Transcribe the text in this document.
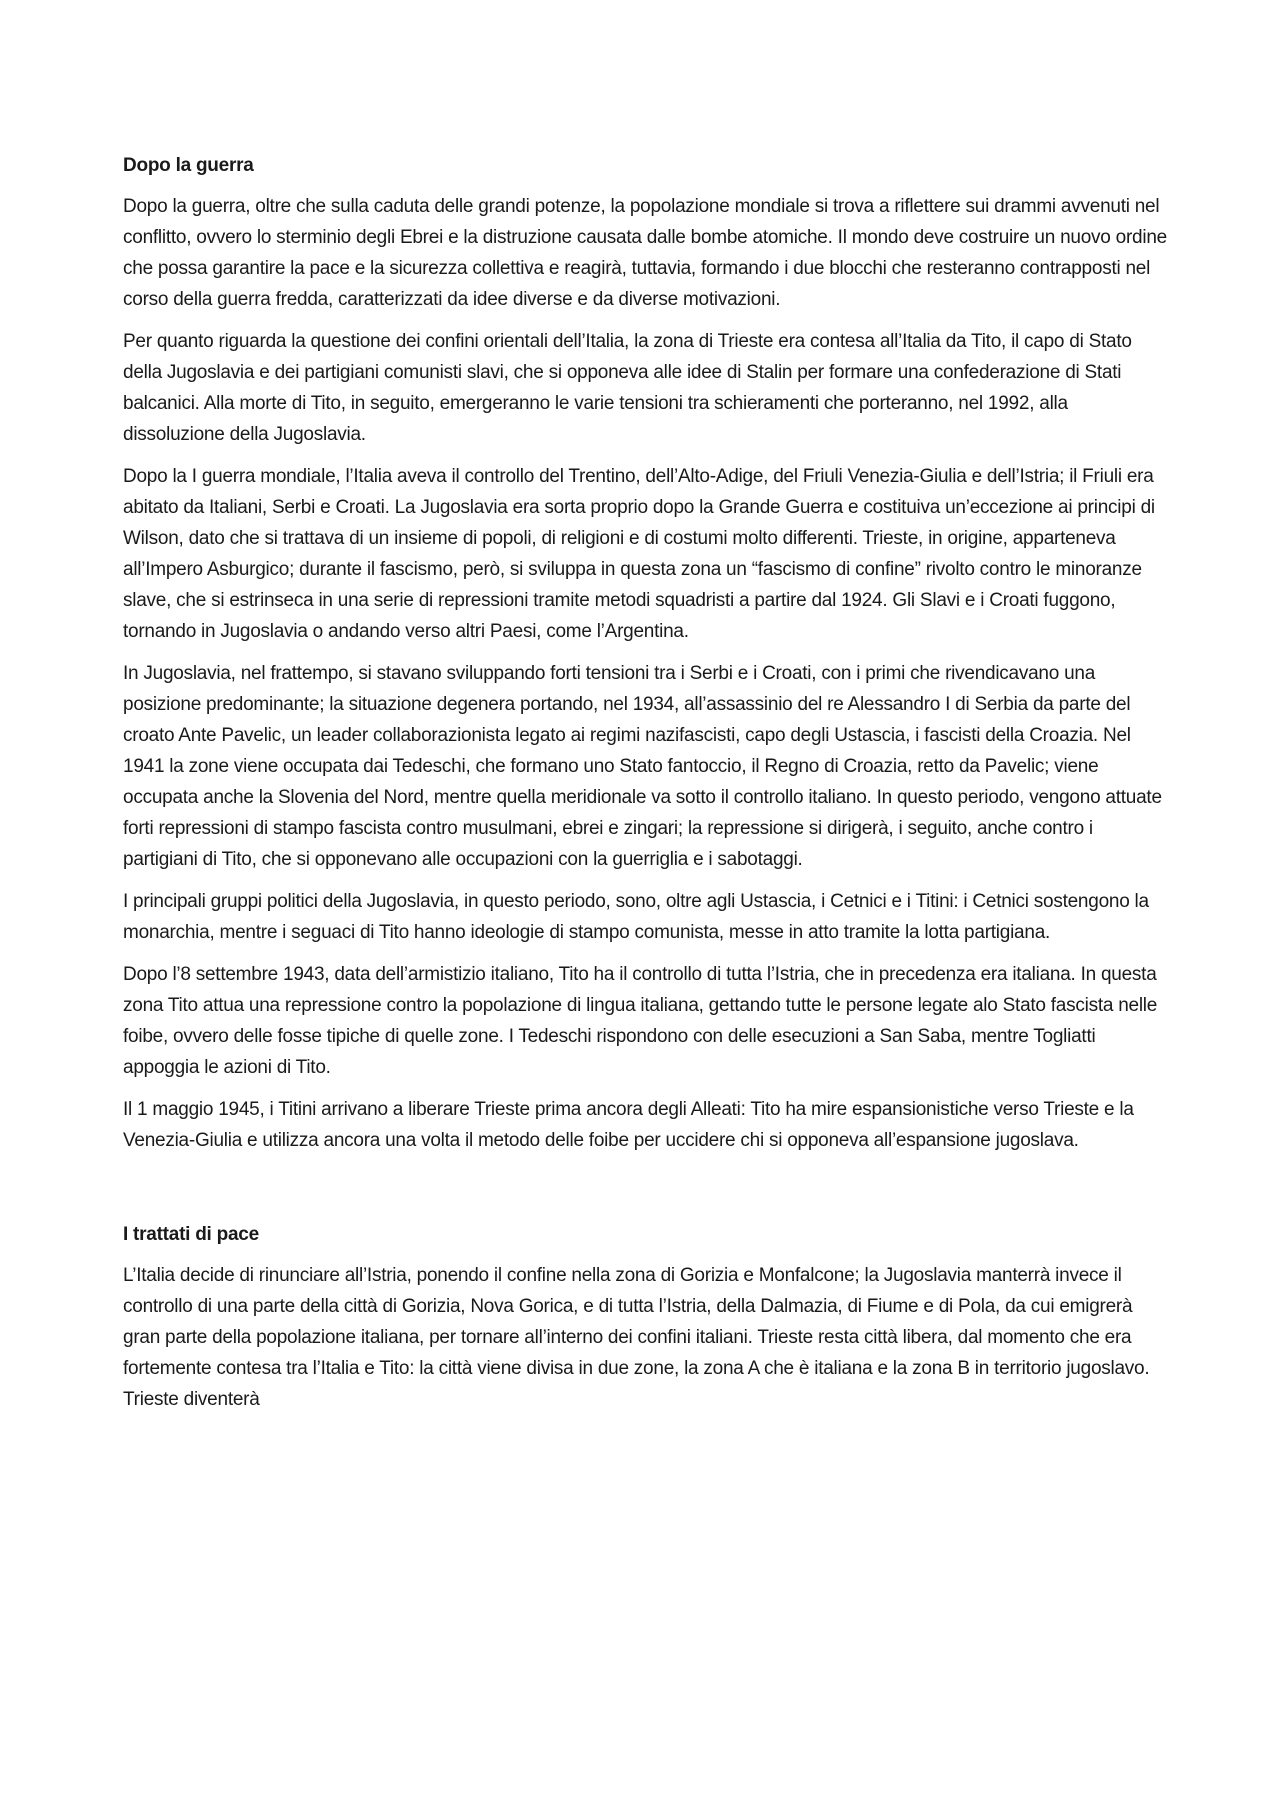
Dopo la guerra

Dopo la guerra, oltre che sulla caduta delle grandi potenze, la popolazione mondiale si trova a riflettere sui drammi avvenuti nel conflitto, ovvero lo sterminio degli Ebrei e la distruzione causata dalle bombe atomiche. Il mondo deve costruire un nuovo ordine che possa garantire la pace e la sicurezza collettiva e reagirà, tuttavia, formando i due blocchi che resteranno contrapposti nel corso della guerra fredda, caratterizzati da idee diverse e da diverse motivazioni.

Per quanto riguarda la questione dei confini orientali dell’Italia, la zona di Trieste era contesa all’Italia da Tito, il capo di Stato della Jugoslavia e dei partigiani comunisti slavi, che si opponeva alle idee di Stalin per formare una confederazione di Stati balcanici. Alla morte di Tito, in seguito, emergeranno le varie tensioni tra schieramenti che porteranno, nel 1992, alla dissoluzione della Jugoslavia.

Dopo la I guerra mondiale, l’Italia aveva il controllo del Trentino, dell’Alto-Adige, del Friuli Venezia-Giulia e dell’Istria; il Friuli era abitato da Italiani, Serbi e Croati. La Jugoslavia era sorta proprio dopo la Grande Guerra e costituiva un’eccezione ai principi di Wilson, dato che si trattava di un insieme di popoli, di religioni e di costumi molto differenti. Trieste, in origine, apparteneva all’Impero Asburgico; durante il fascismo, però, si sviluppa in questa zona un “fascismo di confine” rivolto contro le minoranze slave, che si estrinseca in una serie di repressioni tramite metodi squadristi a partire dal 1924. Gli Slavi e i Croati fuggono, tornando in Jugoslavia o andando verso altri Paesi, come l’Argentina.

In Jugoslavia, nel frattempo, si stavano sviluppando forti tensioni tra i Serbi e i Croati, con i primi che rivendicavano una posizione predominante; la situazione degenera portando, nel 1934, all’assassinio del re Alessandro I di Serbia da parte del croato Ante Pavelic, un leader collaborazionista legato ai regimi nazifascisti, capo degli Ustascia, i fascisti della Croazia. Nel 1941 la zone viene occupata dai Tedeschi, che formano uno Stato fantoccio, il Regno di Croazia, retto da Pavelic; viene occupata anche la Slovenia del Nord, mentre quella meridionale va sotto il controllo italiano. In questo periodo, vengono attuate forti repressioni di stampo fascista contro musulmani, ebrei e zingari; la repressione si dirigerà, i seguito, anche contro i partigiani di Tito, che si opponevano alle occupazioni con la guerriglia e i sabotaggi.

I principali gruppi politici della Jugoslavia, in questo periodo, sono, oltre agli Ustascia, i Cetnici e i Titini: i Cetnici sostengono la monarchia, mentre i seguaci di Tito hanno ideologie di stampo comunista, messe in atto tramite la lotta partigiana.

Dopo l’8 settembre 1943, data dell’armistizio italiano, Tito ha il controllo di tutta l’Istria, che in precedenza era italiana. In questa zona Tito attua una repressione contro la popolazione di lingua italiana, gettando tutte le persone legate alo Stato fascista nelle foibe, ovvero delle fosse tipiche di quelle zone. I Tedeschi rispondono con delle esecuzioni a San Saba, mentre Togliatti appoggia le azioni di Tito.

Il 1 maggio 1945, i Titini arrivano a liberare Trieste prima ancora degli Alleati: Tito ha mire espansionistiche verso Trieste e la Venezia-Giulia e utilizza ancora una volta il metodo delle foibe per uccidere chi si opponeva all’espansione jugoslava.

I trattati di pace

L’Italia decide di rinunciare all’Istria, ponendo il confine nella zona di Gorizia e Monfalcone; la Jugoslavia manterrà invece il controllo di una parte della città di Gorizia, Nova Gorica, e di tutta l’Istria, della Dalmazia, di Fiume e di Pola, da cui emigrerà gran parte della popolazione italiana, per tornare all’interno dei confini italiani. Trieste resta città libera, dal momento che era fortemente contesa tra l’Italia e Tito: la città viene divisa in due zone, la zona A che è italiana e la zona B in territorio jugoslavo. Trieste diventerà
